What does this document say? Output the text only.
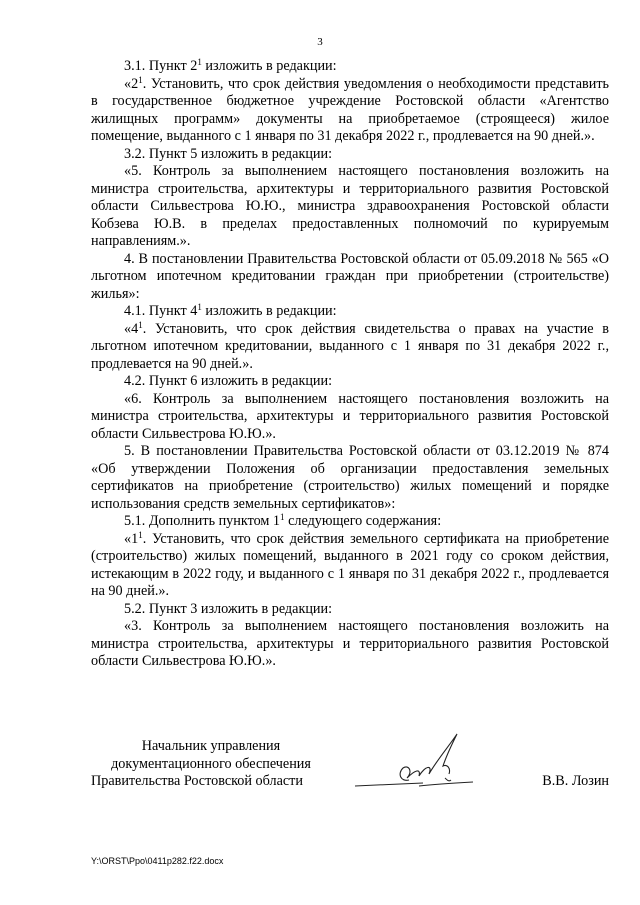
3

3.1. Пункт $2^1$ изложить в редакции:

«$2^1$. Установить, что срок действия уведомления о необходимости представить в государственное бюджетное учреждение Ростовской области «Агентство жилищных программ» документы на приобретаемое (строящееся) жилое помещение, выданного с 1 января по 31 декабря 2022 г., продлевается на 90 дней.».

3.2. Пункт 5 изложить в редакции:

«5. Контроль за выполнением настоящего постановления возложить на министра строительства, архитектуры и территориального развития Ростовской области Сильвестрова Ю.Ю., министра здравоохранения Ростовской области Кобзева Ю.В. в пределах предоставленных полномочий по курируемым направлениям.».

4. В постановлении Правительства Ростовской области от 05.09.2018 № 565 «О льготном ипотечном кредитовании граждан при приобретении (строительстве) жилья»:

4.1. Пункт $4^1$ изложить в редакции:

«$4^1$. Установить, что срок действия свидетельства о правах на участие в льготном ипотечном кредитовании, выданного с 1 января по 31 декабря 2022 г., продлевается на 90 дней.».

4.2. Пункт 6 изложить в редакции:

«6. Контроль за выполнением настоящего постановления возложить на министра строительства, архитектуры и территориального развития Ростовской области Сильвестрова Ю.Ю.».

5. В постановлении Правительства Ростовской области от 03.12.2019 № 874 «Об утверждении Положения об организации предоставления земельных сертификатов на приобретение (строительство) жилых помещений и порядке использования средств земельных сертификатов»:

5.1. Дополнить пунктом $1^1$ следующего содержания:

«$1^1$. Установить, что срок действия земельного сертификата на приобретение (строительство) жилых помещений, выданного в 2021 году со сроком действия, истекающим в 2022 году, и выданного с 1 января по 31 декабря 2022 г., продлевается на 90 дней.».

5.2. Пункт 3 изложить в редакции:

«3. Контроль за выполнением настоящего постановления возложить на министра строительства, архитектуры и территориального развития Ростовской области Сильвестрова Ю.Ю.».

Начальник управления
документационного обеспечения
Правительства Ростовской области	В.В. Лозин
Y:\ORST\Ppo\0411p282.f22.docx
